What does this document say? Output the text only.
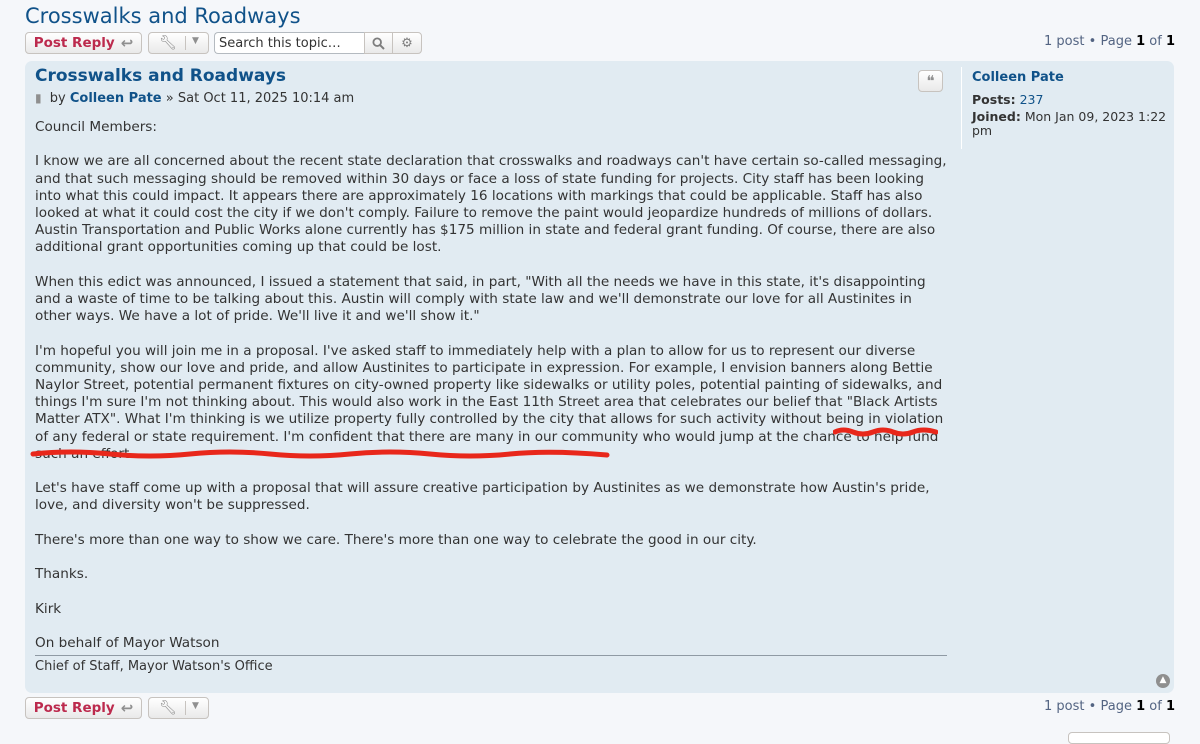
Crosswalks and Roadways
Post Reply ↩ 🔧︎ ▼
Search this topic…	⚙	1 post • Page 1 of 1
Crosswalks and Roadways	❝
▮ by Colleen Pate » Sat Oct 11, 2025 10:14 am

Council Members:

I know we are all concerned about the recent state declaration that crosswalks and roadways can't have certain so-called messaging, and that such messaging should be removed within 30 days or face a loss of state funding for projects. City staff has been looking into what this could impact. It appears there are approximately 16 locations with markings that could be applicable. Staff has also looked at what it could cost the city if we don't comply. Failure to remove the paint would jeopardize hundreds of millions of dollars. Austin Transportation and Public Works alone currently has $175 million in state and federal grant funding. Of course, there are also additional grant opportunities coming up that could be lost.

When this edict was announced, I issued a statement that said, in part, "With all the needs we have in this state, it's disappointing and a waste of time to be talking about this. Austin will comply with state law and we'll demonstrate our love for all Austinites in other ways. We have a lot of pride. We'll live it and we'll show it."

I'm hopeful you will join me in a proposal. I've asked staff to immediately help with a plan to allow for us to represent our diverse community, show our love and pride, and allow Austinites to participate in expression. For example, I envision banners along Bettie Naylor Street, potential permanent fixtures on city-owned property like sidewalks or utility poles, potential painting of sidewalks, and things I'm sure I'm not thinking about. This would also work in the East 11th Street area that celebrates our belief that "Black Artists Matter ATX". What I'm thinking is we utilize property fully controlled by the city that allows for such activity without being in violation of any federal or state requirement. I'm confident that there are many in our community who would jump at the chance to help fund such an effort.

Let's have staff come up with a proposal that will assure creative participation by Austinites as we demonstrate how Austin's pride, love, and diversity won't be suppressed.

There's more than one way to show we care. There's more than one way to celebrate the good in our city.

Thanks.

Kirk

On behalf of Mayor Watson

Chief of Staff, Mayor Watson's Office
Colleen Pate
Posts: 237
Joined: Mon Jan 09, 2023 1:22 pm
▲
Post Reply ↩ 🔧︎ ▼	1 post • Page 1 of 1
